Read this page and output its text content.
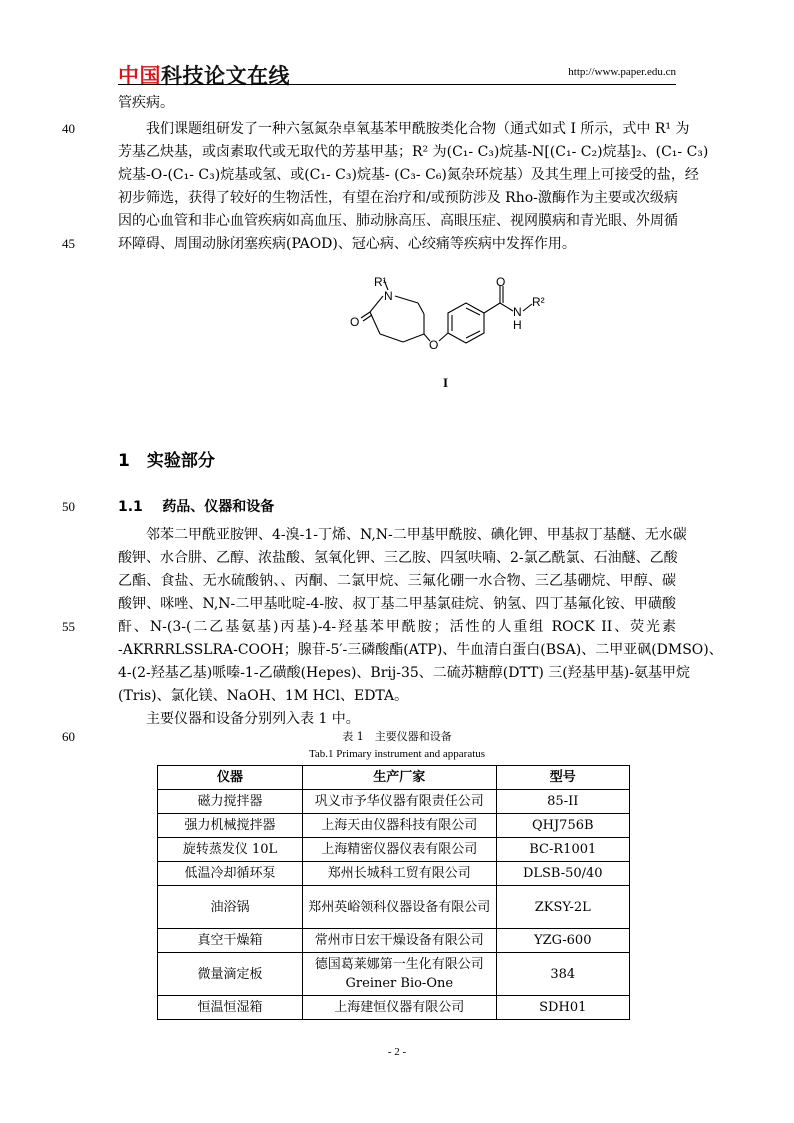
中国科技论文在线	http://www.paper.edu.cn
管疾病。
40	　　我们课题组研发了一种六氢氮杂卓氧基苯甲酰胺类化合物（通式如式 I 所示，式中 R¹ 为
芳基乙炔基，或卤素取代或无取代的芳基甲基；R² 为(C₁- C₃)烷基-N[(C₁- C₂)烷基]₂、(C₁- C₃)
烷基-O-(C₁- C₃)烷基或氢、或(C₁- C₃)烷基- (C₃- C₆)氮杂环烷基）及其生理上可接受的盐，经
初步筛选，获得了较好的生物活性，有望在治疗和/或预防涉及 Rho-激酶作为主要或次级病
因的心血管和非心血管疾病如高血压、肺动脉高压、高眼压症、视网膜病和青光眼、外周循
45	环障碍、周围动脉闭塞疾病(PAOD)、冠心病、心绞痛等疾病中发挥作用。
N
R¹
O
O
O
N
H
R²
I
1　实验部分
50	1.1 药品、仪器和设备
　　邻苯二甲酰亚胺钾、4-溴-1-丁烯、N,N-二甲基甲酰胺、碘化钾、甲基叔丁基醚、无水碳
酸钾、水合肼、乙醇、浓盐酸、氢氧化钾、三乙胺、四氢呋喃、2-氯乙酰氯、石油醚、乙酸
乙酯、食盐、无水硫酸钠、、丙酮、二氯甲烷、三氟化硼一水合物、三乙基硼烷、甲醇、碳
酸钾、咪唑、N,N-二甲基吡啶-4-胺、叔丁基二甲基氯硅烷、钠氢、四丁基氟化铵、甲磺酸
55	酐、N-(3-(二乙基氨基)丙基)-4-羟基苯甲酰胺；活性的人重组 ROCK II、荧光素
-AKRRRLSSLRA-COOH；腺苷-5′-三磷酸酯(ATP)、牛血清白蛋白(BSA)、二甲亚砜(DMSO)、
4-(2-羟基乙基)哌嗪-1-乙磺酸(Hepes)、Brij-35、二硫苏糖醇(DTT) 三(羟基甲基)-氨基甲烷
(Tris)、氯化镁、NaOH、1M HCl、EDTA。
　　主要仪器和设备分别列入表 1 中。
60	表 1　主要仪器和设备
Tab.1 Primary instrument and apparatus
仪器	生产厂家	型号
磁力搅拌器	巩义市予华仪器有限责任公司	85-II
强力机械搅拌器	上海天由仪器科技有限公司	QHJ756B
旋转蒸发仪 10L	上海精密仪器仪表有限公司	BC-R1001
低温冷却循环泵	郑州长城科工贸有限公司	DLSB-50/40
油浴锅	郑州英峪领科仪器设备有限公司	ZKSY-2L
真空干燥箱	常州市日宏干燥设备有限公司	YZG-600
微量滴定板	德国葛莱娜第一生化有限公司 Greiner Bio-One	384
恒温恒湿箱	上海建恒仪器有限公司	SDH01
- 2 -
